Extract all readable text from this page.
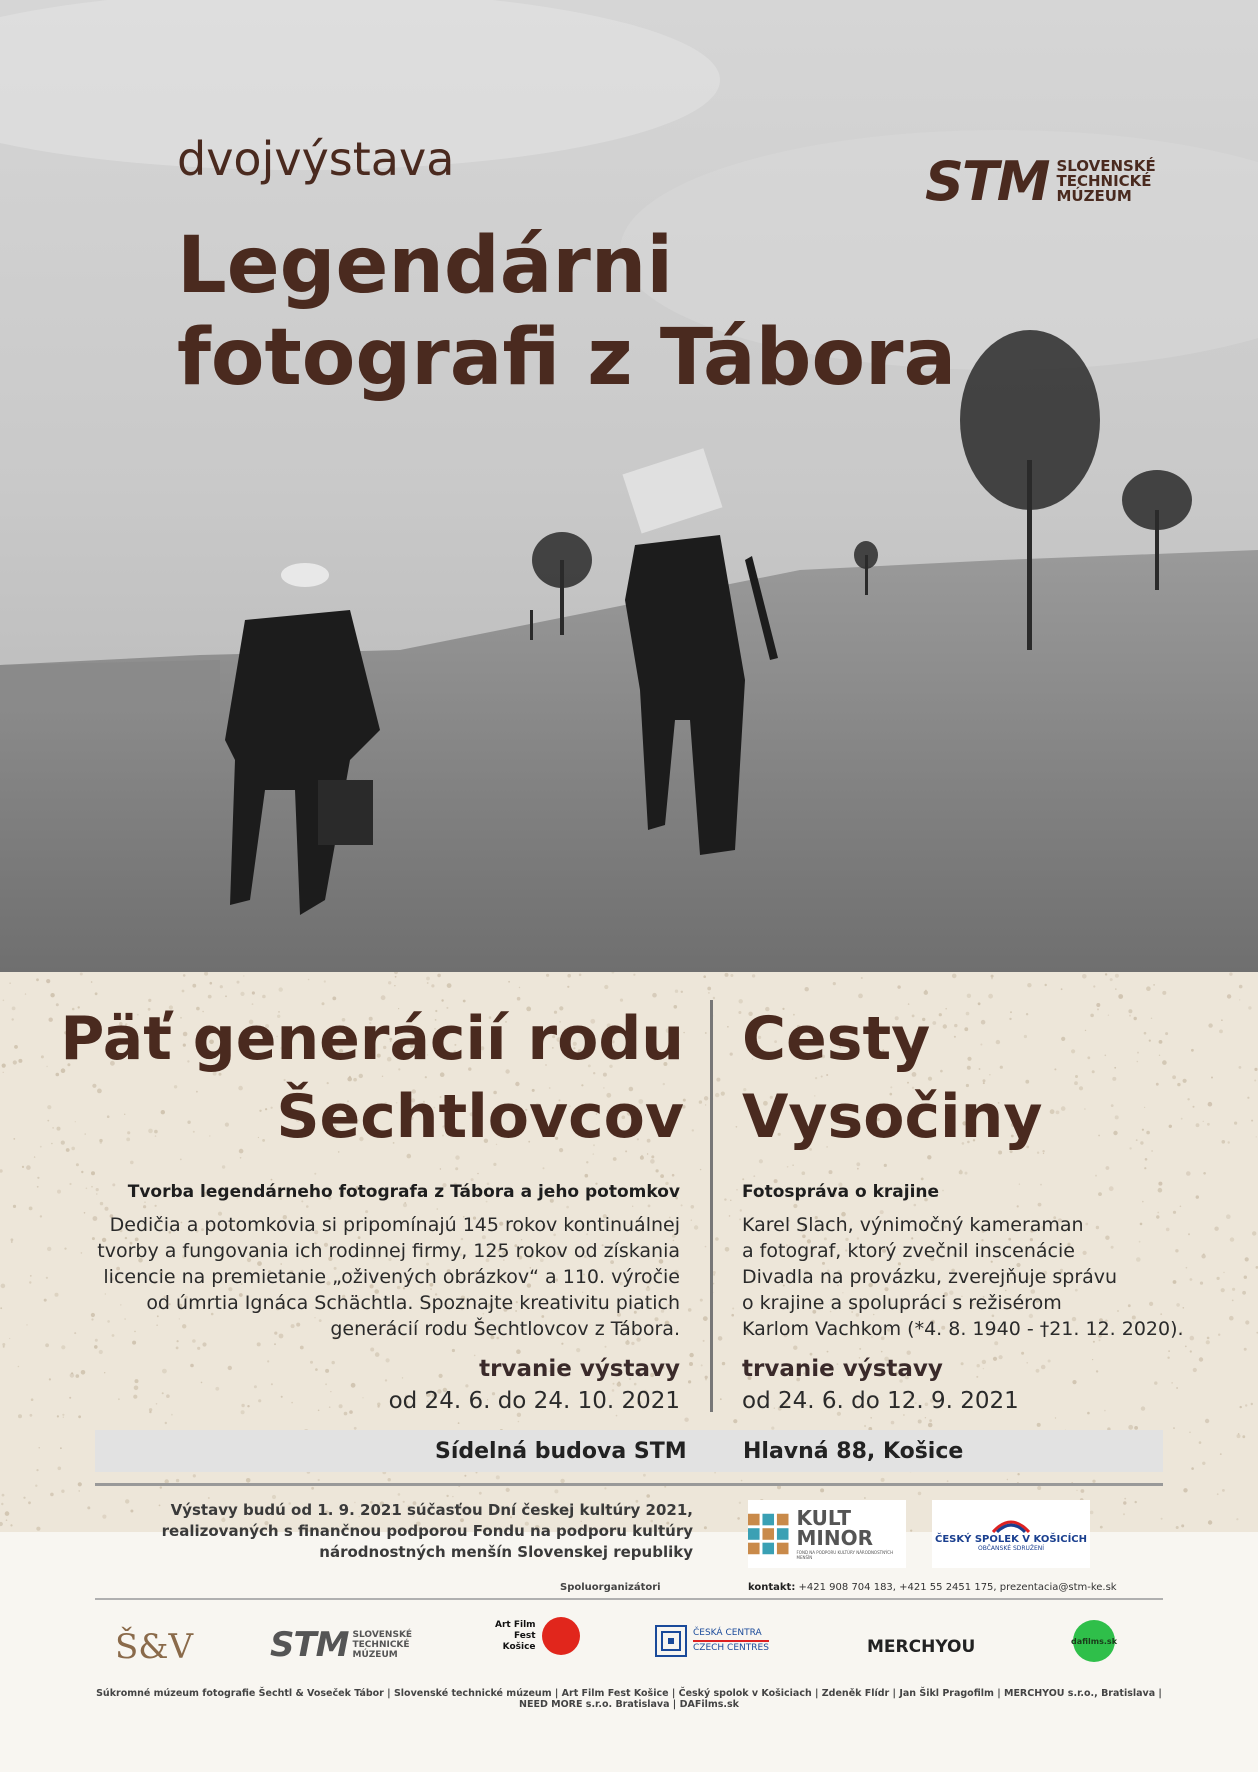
dvojvýstava
Legendárni
fotografi z Tábora
STM SLOVENSKÉ
TECHNICKÉ
MÚZEUM
Päť generácií rodu
Šechtlovcov
Tvorba legendárneho fotografa z Tábora a jeho potomkov
Dedičia a potomkovia si pripomínajú 145 rokov kontinuálnej
tvorby a fungovania ich rodinnej firmy, 125 rokov od získania
licencie na premietanie „oživených obrázkov“ a 110. výročie
od úmrtia Ignáca Schächtla. Spoznajte kreativitu piatich
generácií rodu Šechtlovcov z Tábora.
trvanie výstavy
od 24. 6. do 24. 10. 2021
Cesty
Vysočiny
Fotospráva o krajine
Karel Slach, výnimočný kameraman
a fotograf, ktorý zvečnil inscenácie
Divadla na provázku, zverejňuje správu
o krajine a spolupráci s režisérom
Karlom Vachkom (*4. 8. 1940 - †21. 12. 2020).
trvanie výstavy
od 24. 6. do 12. 9. 2021
Sídelná budova STM	Hlavná 88, Košice
Výstavy budú od 1. 9. 2021 súčasťou Dní českej kultúry 2021,
realizovaných s finančnou podporou Fondu na podporu kultúry
národnostných menšín Slovenskej republiky
Spoluorganizátori
KULT
MINOR
FOND NA PODPORU KULTÚRY NÁRODNOSTNÝCH MENŠÍN
ČESKÝ SPOLEK V KOŠICÍCH
OBČANSKÉ SDRUŽENÍ
kontakt: +421 908 704 183, +421 55 2451 175, prezentacia@stm-ke.sk
Š&V STM SLOVENSKÉ
TECHNICKÉ
MÚZEUM
Art Film
Fest
Košice
ČESKÁ CENTRA
CZECH CENTRES	MERCHYOU	dafilms.sk
Súkromné múzeum fotografie Šechtl & Voseček Tábor | Slovenské technické múzeum | Art Film Fest Košice | Český spolok v Košiciach | Zdeněk Flídr | Jan Šikl Pragofilm | MERCHYOU s.r.o., Bratislava | NEED MORE s.r.o. Bratislava | DAFilms.sk
